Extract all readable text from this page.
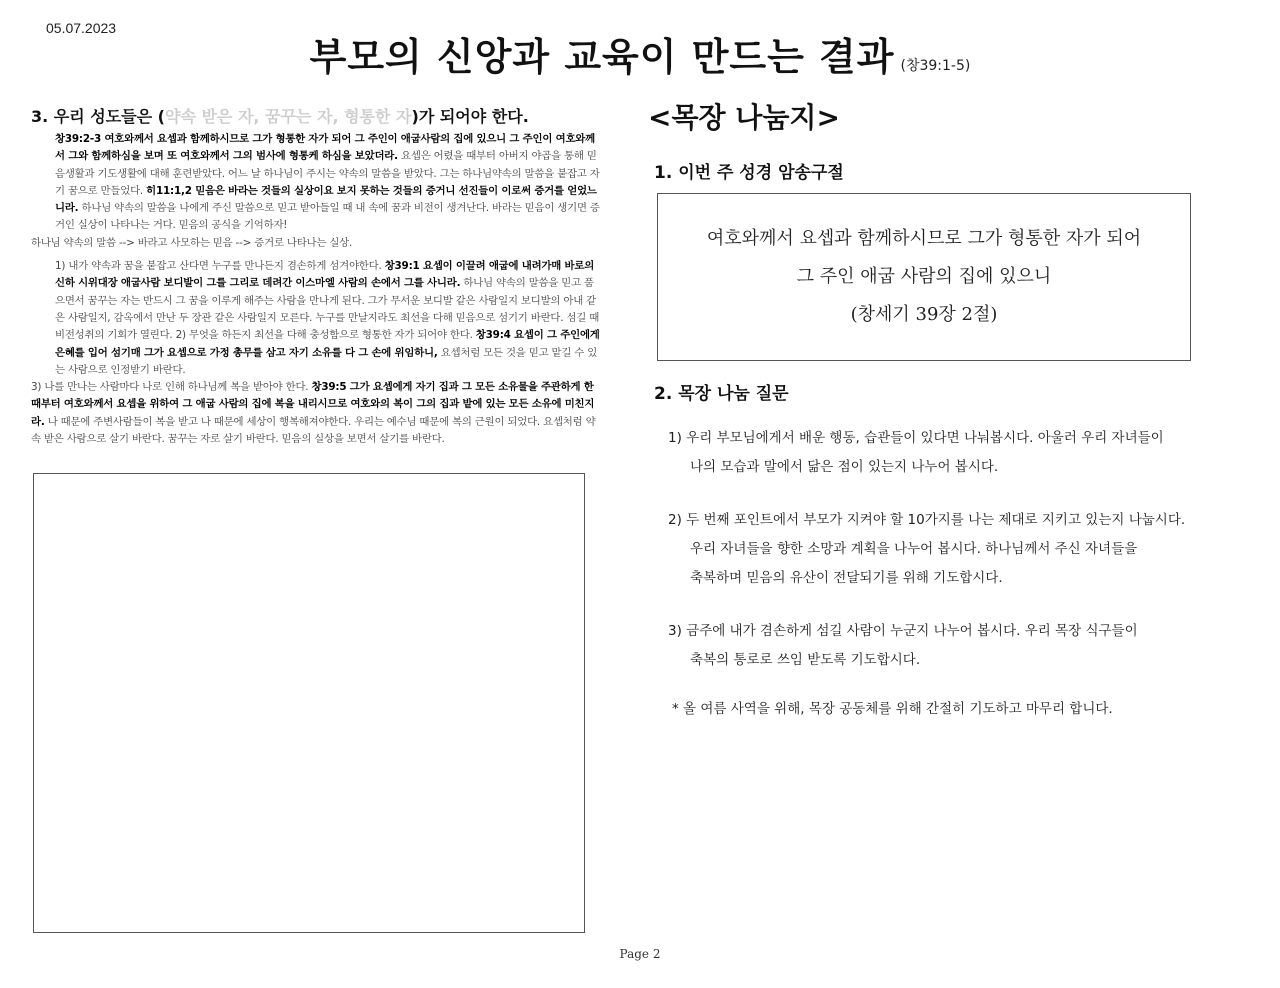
05.07.2023
부모의 신앙과 교육이 만드는 결과 (창39:1-5)
3. 우리 성도들은 (약속 받은 자, 꿈꾸는 자, 형통한 자)가 되어야 한다.

창39:2-3 여호와께서 요셉과 함께하시므로 그가 형통한 자가 되어 그 주인이 애굽사람의 집에 있으니 그 주인이 여호와께서 그와 함께하심을 보며 또 여호와께서 그의 범사에 형통케 하심을 보았더라. 요셉은 어렸을 때부터 아버지 야곱을 통해 믿음생활과 기도생활에 대해 훈련받았다. 어느 날 하나님이 주시는 약속의 말씀을 받았다. 그는 하나님약속의 말씀을 붙잡고 자기 꿈으로 만들었다. 히11:1,2 믿음은 바라는 것들의 실상이요 보지 못하는 것들의 증거니 선진들이 이로써 증거를 얻었느니라. 하나님 약속의 말씀을 나에게 주신 말씀으로 믿고 받아들일 때 내 속에 꿈과 비전이 생겨난다. 바라는 믿음이 생기면 증거인 실상이 나타나는 거다. 믿음의 공식을 기억하자!

하나님 약속의 말씀 --> 바라고 사모하는 믿음 --> 증거로 나타나는 실상.

1) 내가 약속과 꿈을 붙잡고 산다면 누구를 만나든지 겸손하게 섬겨야한다. 창39:1 요셉이 이끌려 애굽에 내려가매 바로의 신하 시위대장 애굽사람 보디발이 그를 그리로 데려간 이스마엘 사람의 손에서 그를 사니라. 하나님 약속의 말씀을 믿고 품으면서 꿈꾸는 자는 반드시 그 꿈을 이루게 해주는 사람을 만나게 된다. 그가 무서운 보디발 같은 사람일지 보디발의 아내 같은 사람일지, 감옥에서 만난 두 장관 같은 사람일지 모른다. 누구를 만날지라도 최선을 다해 믿음으로 섬기기 바란다. 섬길 때 비전성취의 기회가 열린다. 2) 무엇을 하든지 최선을 다해 충성함으로 형통한 자가 되어야 한다. 창39:4 요셉이 그 주인에게 은혜를 입어 섬기매 그가 요셉으로 가정 총무를 삼고 자기 소유를 다 그 손에 위임하니, 요셉처럼 모든 것을 믿고 맡길 수 있는 사람으로 인정받기 바란다.

3) 나를 만나는 사람마다 나로 인해 하나님께 복을 받아야 한다. 창39:5 그가 요셉에게 자기 집과 그 모든 소유물을 주관하게 한 때부터 여호와께서 요셉을 위하여 그 애굽 사람의 집에 복을 내리시므로 여호와의 복이 그의 집과 밭에 있는 모든 소유에 미친지라. 나 때문에 주변사람들이 복을 받고 나 때문에 세상이 행복해져야한다. 우리는 예수님 때문에 복의 근원이 되었다. 요셉처럼 약속 받은 사람으로 살기 바란다. 꿈꾸는 자로 살기 바란다. 믿음의 실상을 보면서 살기를 바란다.

<목장 나눔지>
1. 이번 주 성경 암송구절
여호와께서 요셉과 함께하시므로 그가 형통한 자가 되어
그 주인 애굽 사람의 집에 있으니
(창세기 39장 2절)
2. 목장 나눔 질문
1) 우리 부모님에게서 배운 행동, 습관들이 있다면 나눠봅시다. 아울러 우리 자녀들이
나의 모습과 말에서 닮은 점이 있는지 나누어 봅시다.
2) 두 번째 포인트에서 부모가 지켜야 할 10가지를 나는 제대로 지키고 있는지 나눕시다.
우리 자녀들을 향한 소망과 계획을 나누어 봅시다. 하나님께서 주신 자녀들을
축복하며 믿음의 유산이 전달되기를 위해 기도합시다.
3) 금주에 내가 겸손하게 섬길 사람이 누군지 나누어 봅시다. 우리 목장 식구들이
축복의 통로로 쓰임 받도록 기도합시다.
* 올 여름 사역을 위해, 목장 공동체를 위해 간절히 기도하고 마무리 합니다.
Page 2
